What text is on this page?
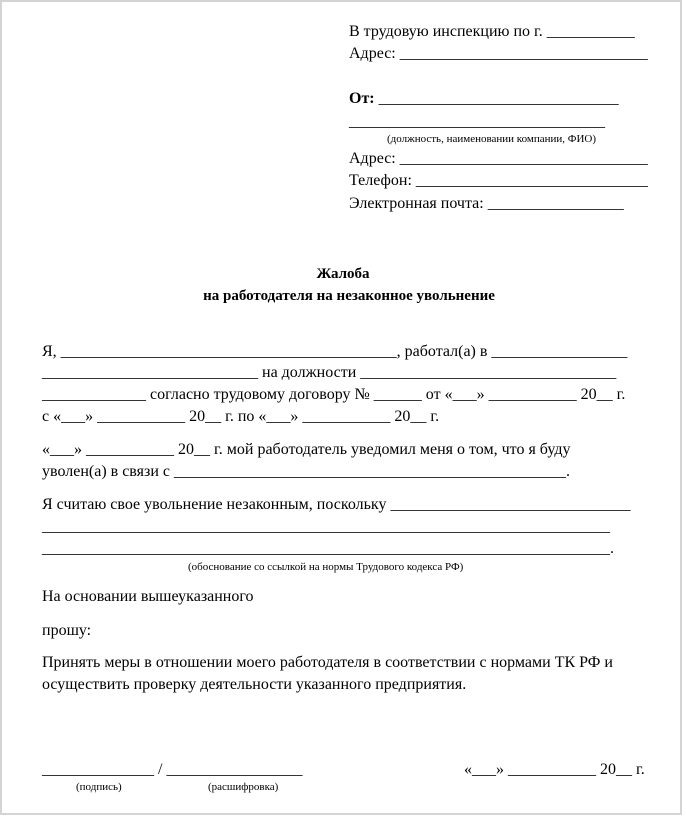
В трудовую инспекцию по г. ___________
Адрес: _______________________________
От: ______________________________
________________________________
(должность, наименовании компании, ФИО)
Адрес: _______________________________
Телефон: _____________________________
Электронная почта: _________________
Жалоба
на работодателя на незаконное увольнение
Я, __________________________________________, работал(а) в _________________
___________________________ на должности ________________________________
_____________ согласно трудовому договору № ______ от «___» ___________ 20__ г.
с «___» ___________ 20__ г. по «___» ___________ 20__ г.
«___» ___________ 20__ г. мой работодатель уведомил меня о том, что я буду
уволен(а) в связи с _________________________________________________.
Я считаю свое увольнение незаконным, поскольку ______________________________
_______________________________________________________________________
_______________________________________________________________________.
(обоснование со ссылкой на нормы Трудового кодекса РФ)
На основании вышеуказанного
прошу:
Принять меры в отношении моего работодателя в соответствии с нормами ТК РФ и
осуществить проверку деятельности указанного предприятия.
______________ / _________________
(подпись)	(расшифровка)
«___» ___________ 20__ г.
